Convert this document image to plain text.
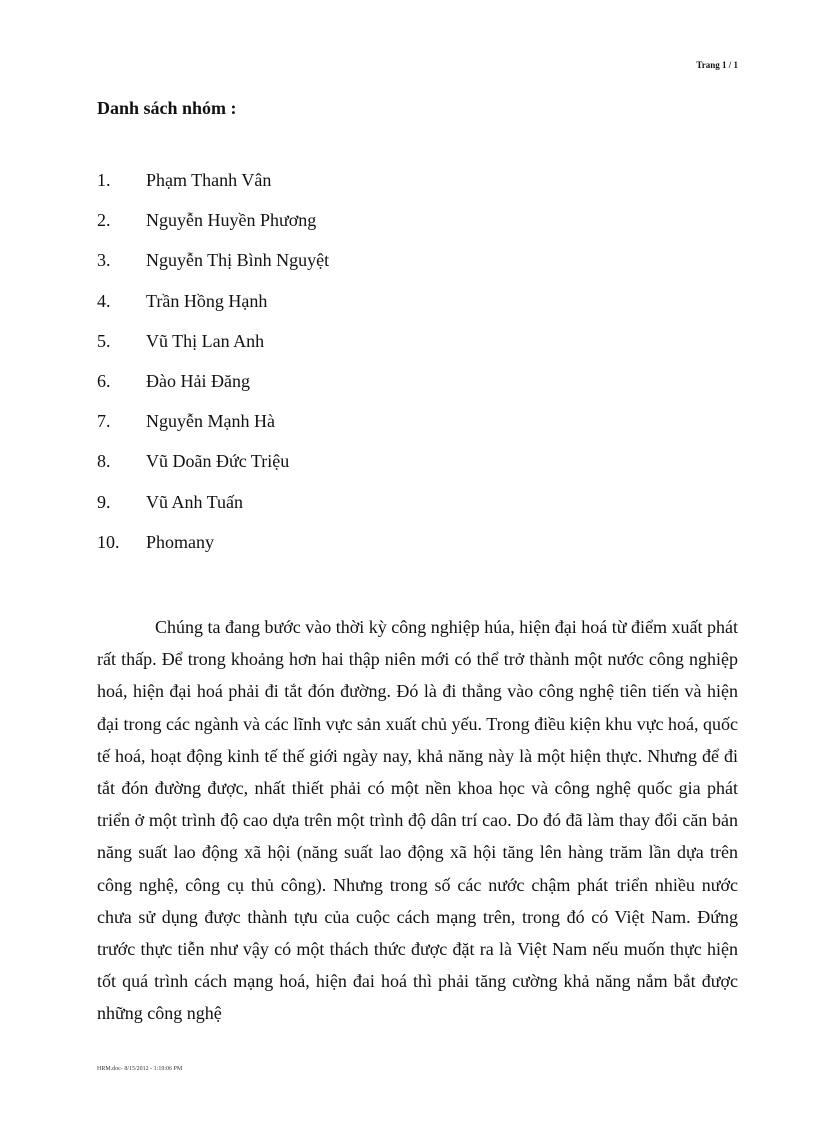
Trang 1 / 1
Danh sách nhóm :
1.	Phạm Thanh Vân
2.	Nguyễn Huyền Phương
3.	Nguyễn Thị Bình Nguyệt
4.	Trần Hồng Hạnh
5.	Vũ Thị Lan Anh
6.	Đào Hải Đăng
7.	Nguyễn Mạnh Hà
8.	Vũ Doãn Đức Triệu
9.	Vũ Anh Tuấn
10.	Phomany

Chúng ta đang bước vào thời kỳ công nghiệp húa, hiện đại hoá từ điểm xuất phát rất thấp. Để trong khoảng hơn hai thập niên mới có thể trở thành một nước công nghiệp hoá, hiện đại hoá phải đi tắt đón đường. Đó là đi thẳng vào công nghệ tiên tiến và hiện đại trong các ngành và các lĩnh vực sản xuất chủ yếu. Trong điều kiện khu vực hoá, quốc tế hoá, hoạt động kinh tế thế giới ngày nay, khả năng này là một hiện thực. Nhưng để đi tắt đón đường được, nhất thiết phải có một nền khoa học và công nghệ quốc gia phát triển ở một trình độ cao dựa trên một trình độ dân trí cao. Do đó đã làm thay đổi căn bản năng suất lao động xã hội (năng suất lao động xã hội tăng lên hàng trăm lần dựa trên công nghệ, công cụ thủ công). Nhưng trong số các nước chậm phát triển nhiều nước chưa sử dụng được thành tựu của cuộc cách mạng trên, trong đó có Việt Nam. Đứng trước thực tiễn như vậy có một thách thức được đặt ra là Việt Nam nếu muốn thực hiện tốt quá trình cách mạng hoá, hiện đai hoá thì phải tăng cường khả năng nắm bắt được những công nghệ

HRM.doc- 8/15/2012 - 1:19:06 PM
